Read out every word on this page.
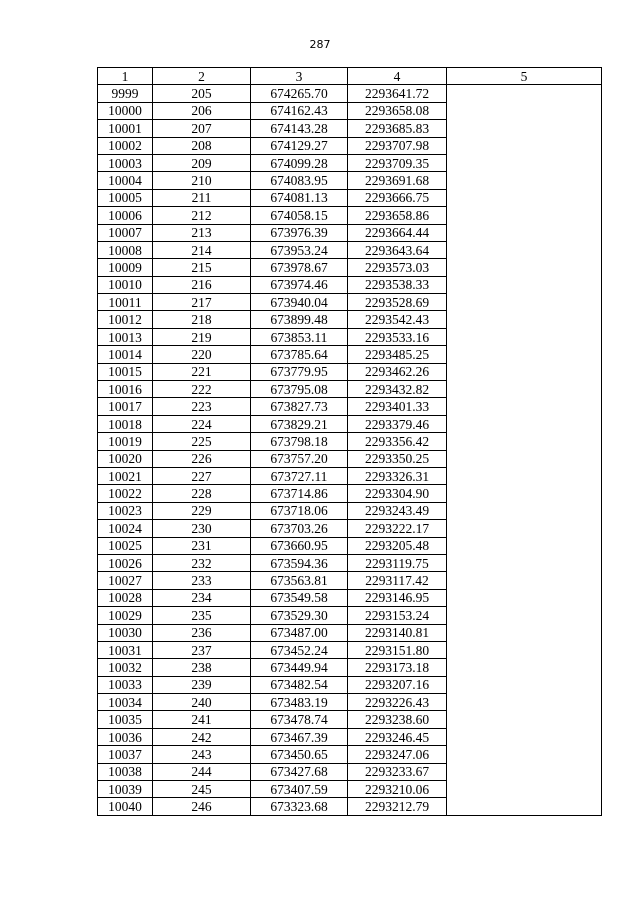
287
1	2	3	4	5
9999	205	674265.70	2293641.72	
10000	206	674162.43	2293658.08	
10001	207	674143.28	2293685.83	
10002	208	674129.27	2293707.98	
10003	209	674099.28	2293709.35	
10004	210	674083.95	2293691.68	
10005	211	674081.13	2293666.75	
10006	212	674058.15	2293658.86	
10007	213	673976.39	2293664.44	
10008	214	673953.24	2293643.64	
10009	215	673978.67	2293573.03	
10010	216	673974.46	2293538.33	
10011	217	673940.04	2293528.69	
10012	218	673899.48	2293542.43	
10013	219	673853.11	2293533.16	
10014	220	673785.64	2293485.25	
10015	221	673779.95	2293462.26	
10016	222	673795.08	2293432.82	
10017	223	673827.73	2293401.33	
10018	224	673829.21	2293379.46	
10019	225	673798.18	2293356.42	
10020	226	673757.20	2293350.25	
10021	227	673727.11	2293326.31	
10022	228	673714.86	2293304.90	
10023	229	673718.06	2293243.49	
10024	230	673703.26	2293222.17	
10025	231	673660.95	2293205.48	
10026	232	673594.36	2293119.75	
10027	233	673563.81	2293117.42	
10028	234	673549.58	2293146.95	
10029	235	673529.30	2293153.24	
10030	236	673487.00	2293140.81	
10031	237	673452.24	2293151.80	
10032	238	673449.94	2293173.18	
10033	239	673482.54	2293207.16	
10034	240	673483.19	2293226.43	
10035	241	673478.74	2293238.60	
10036	242	673467.39	2293246.45	
10037	243	673450.65	2293247.06	
10038	244	673427.68	2293233.67	
10039	245	673407.59	2293210.06	
10040	246	673323.68	2293212.79	
